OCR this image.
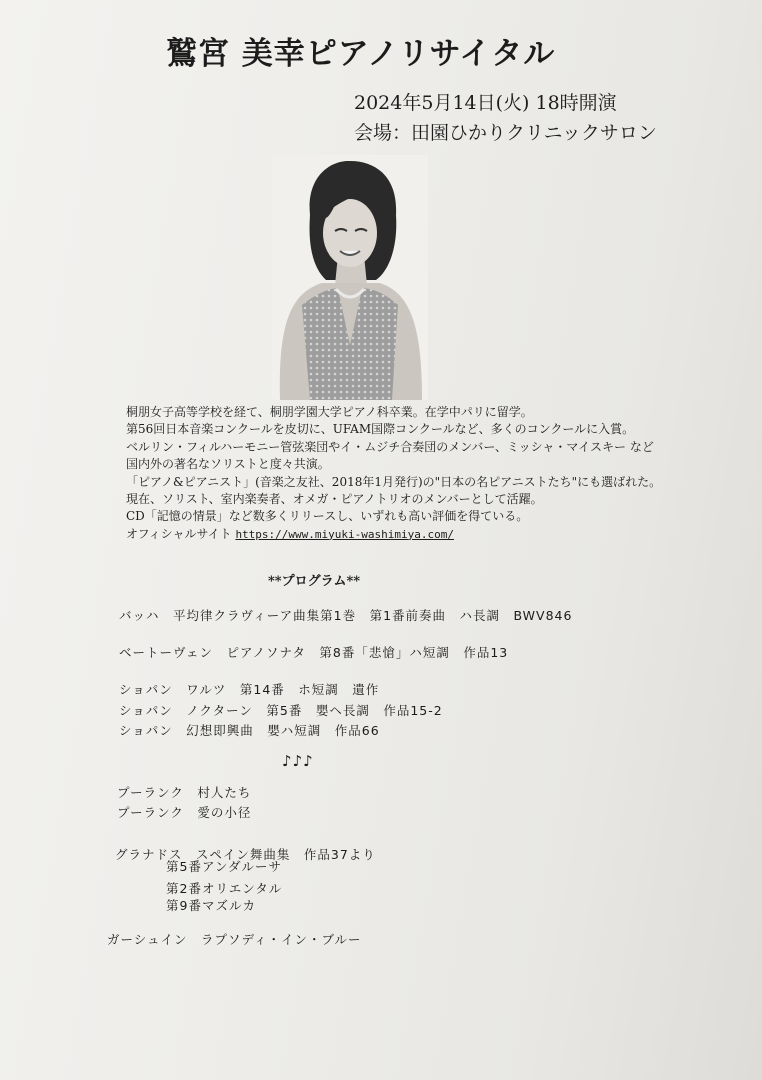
鷲宮 美幸ピアノリサイタル
2024年5月14日(火) 18時開演
会場：田園ひかりクリニックサロン
桐朋女子高等学校を経て、桐朋学園大学ピアノ科卒業。在学中パリに留学。
第56回日本音楽コンクールを皮切に、UFAM国際コンクールなど、多くのコンクールに入賞。
ベルリン・フィルハーモニー管弦楽団やイ・ムジチ合奏団のメンバー、ミッシャ・マイスキー など
国内外の著名なソリストと度々共演。
「ピアノ&ピアニスト」(音楽之友社、2018年1月発行)の"日本の名ピアニストたち"にも選ばれた。
現在、ソリスト、室内楽奏者、オメガ・ピアノトリオのメンバーとして活躍。
CD「記憶の情景」など数多くリリースし、いずれも高い評価を得ている。
オフィシャルサイト https://www.miyuki-washimiya.com/
**プログラム**
バッハ　平均律クラヴィーア曲集第1巻　第1番前奏曲　ハ長調　BWV846
ベートーヴェン　ピアノソナタ　第8番「悲愴」ハ短調　作品13
ショパン　ワルツ　第14番　ホ短調　遺作
ショパン　ノクターン　第5番　嬰ヘ長調　作品15-2
ショパン　幻想即興曲　嬰ハ短調　作品66
♪♪♪
プーランク　村人たち
プーランク　愛の小径
グラナドス　スペイン舞曲集　作品37より
第5番アンダルーサ
第2番オリエンタル
第9番マズルカ
ガーシュイン　ラプソディ・イン・ブルー
